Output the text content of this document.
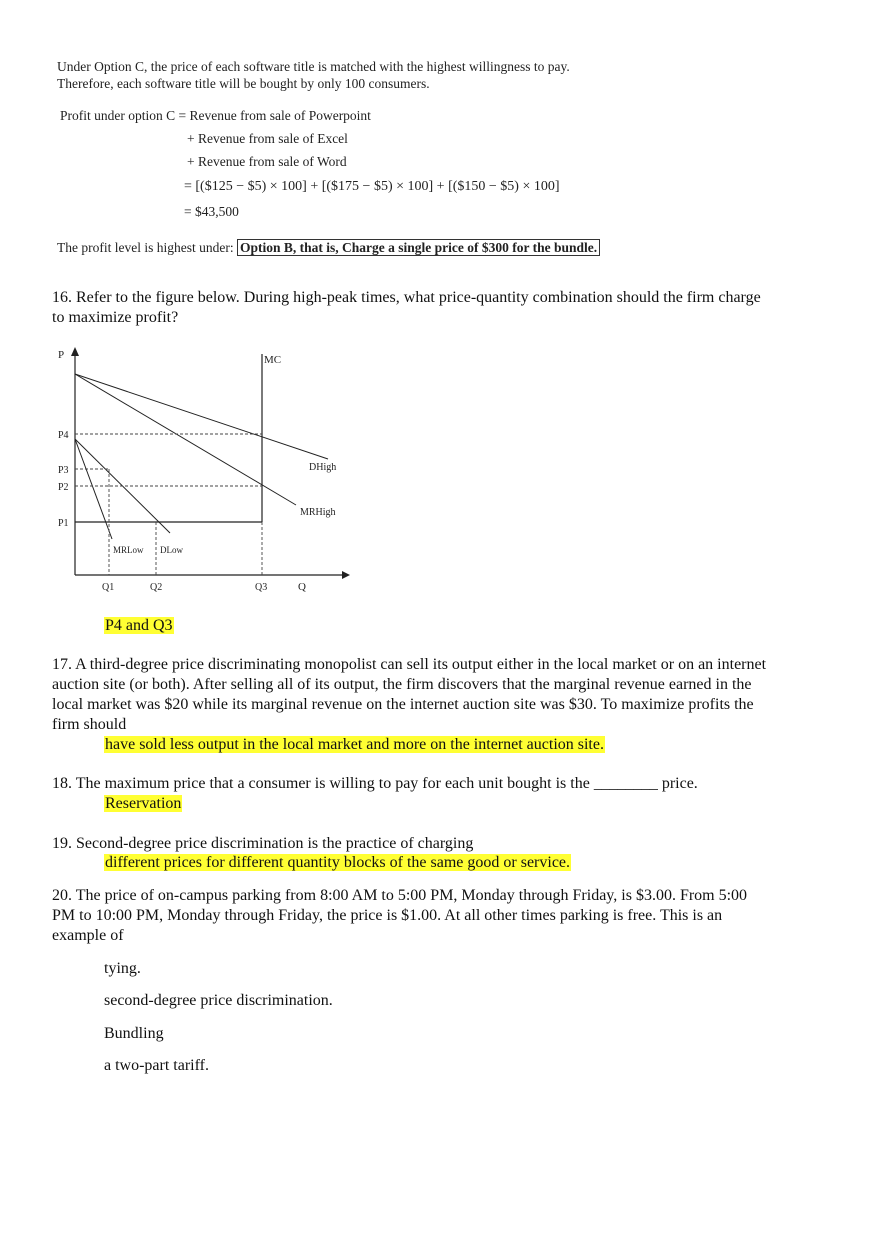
Under Option C, the price of each software title is matched with the highest willingness to pay.
Therefore, each software title will be bought by only 100 consumers.
Profit under option C = Revenue from sale of Powerpoint
+ Revenue from sale of Excel
+ Revenue from sale of Word
= [($125 − $5) × 100] + [($175 − $5) × 100] + [($150 − $5) × 100]
= $43,500
The profit level is highest under: Option B, that is, Charge a single price of $300 for the bundle.
16. Refer to the figure below. During high-peak times, what price-quantity combination should the firm charge
to maximize profit?
P
Q
MC
DHigh
MRHigh
MRLow DLow
P4
P3
P2
P1
Q1	Q2	Q3
P4 and Q3
17. A third-degree price discriminating monopolist can sell its output either in the local market or on an internet
auction site (or both). After selling all of its output, the firm discovers that the marginal revenue earned in the
local market was $20 while its marginal revenue on the internet auction site was $30. To maximize profits the
firm should
have sold less output in the local market and more on the internet auction site.
18. The maximum price that a consumer is willing to pay for each unit bought is the ________ price.
Reservation
19. Second-degree price discrimination is the practice of charging
different prices for different quantity blocks of the same good or service.
20. The price of on-campus parking from 8:00 AM to 5:00 PM, Monday through Friday, is $3.00. From 5:00
PM to 10:00 PM, Monday through Friday, the price is $1.00. At all other times parking is free. This is an
example of
tying.
second-degree price discrimination.
Bundling
a two-part tariff.
